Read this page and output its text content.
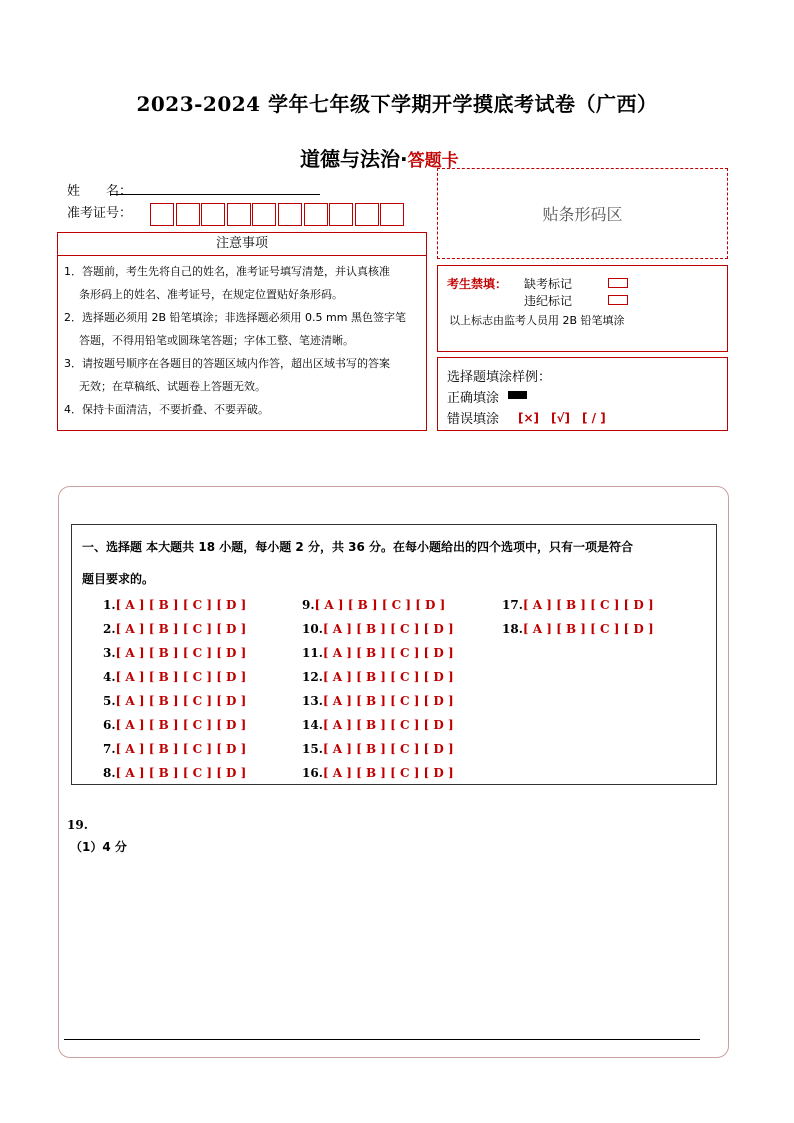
2023-2024 学年七年级下学期开学摸底考试卷（广西）
道德与法治·答题卡
姓　　名：
准考证号：	贴条形码区
注意事项
1．答题前，考生先将自己的姓名，准考证号填写清楚，并认真核准
条形码上的姓名、准考证号，在规定位置贴好条形码。
2．选择题必须用 2B 铅笔填涂；非选择题必须用 0.5 mm 黑色签字笔
答题，不得用铅笔或圆珠笔答题；字体工整、笔迹清晰。
3．请按题号顺序在各题目的答题区域内作答，超出区域书写的答案
无效；在草稿纸、试题卷上答题无效。
4．保持卡面清洁，不要折叠、不要弄破。
考生禁填： 缺考标记
违纪标记
以上标志由监考人员用 2B 铅笔填涂
选择题填涂样例：
正确填涂
错误填涂 [×]　[√]　[ / ]
一、选择题 本大题共 18 小题，每小题 2 分，共 36 分。在每小题给出的四个选项中，只有一项是符合
题目要求的。
1.[ A ] [ B ] [ C ] [ D ]
2.[ A ] [ B ] [ C ] [ D ]
3.[ A ] [ B ] [ C ] [ D ]
4.[ A ] [ B ] [ C ] [ D ]
5.[ A ] [ B ] [ C ] [ D ]
6.[ A ] [ B ] [ C ] [ D ]
7.[ A ] [ B ] [ C ] [ D ]
8.[ A ] [ B ] [ C ] [ D ]
9.[ A ] [ B ] [ C ] [ D ]
10.[ A ] [ B ] [ C ] [ D ]
11.[ A ] [ B ] [ C ] [ D ]
12.[ A ] [ B ] [ C ] [ D ]
13.[ A ] [ B ] [ C ] [ D ]
14.[ A ] [ B ] [ C ] [ D ]
15.[ A ] [ B ] [ C ] [ D ]
16.[ A ] [ B ] [ C ] [ D ]
17.[ A ] [ B ] [ C ] [ D ]
18.[ A ] [ B ] [ C ] [ D ]
19.
（1）4 分
